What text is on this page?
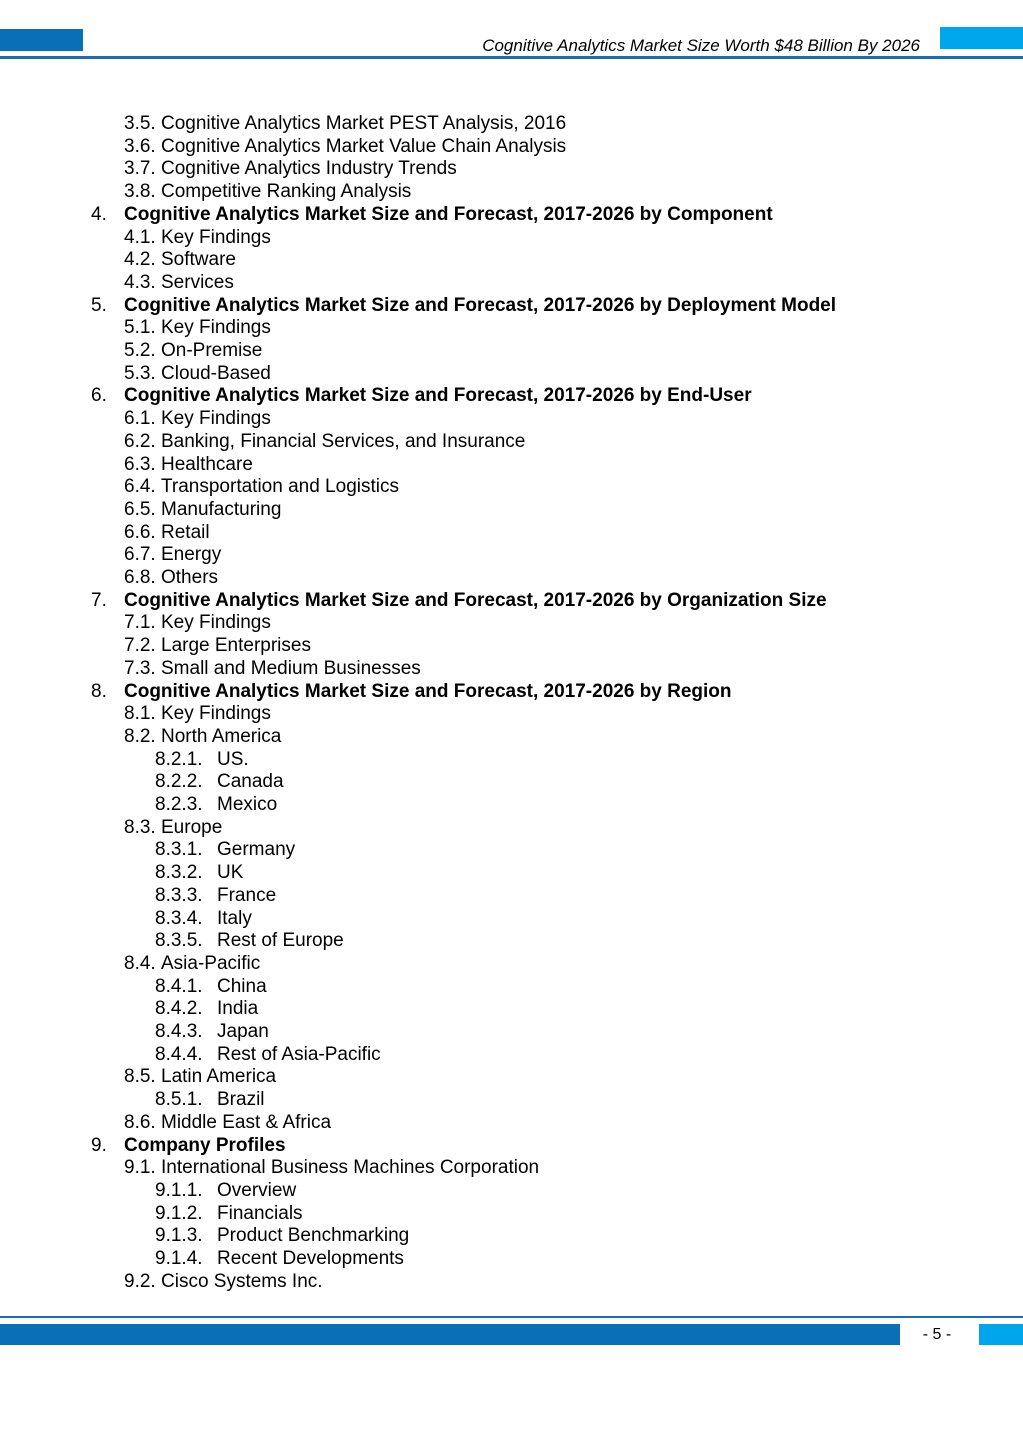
Cognitive Analytics Market Size Worth $48 Billion By 2026
3.5. Cognitive Analytics Market PEST Analysis, 2016
3.6. Cognitive Analytics Market Value Chain Analysis
3.7. Cognitive Analytics Industry Trends
3.8. Competitive Ranking Analysis
4. Cognitive Analytics Market Size and Forecast, 2017-2026 by Component
4.1. Key Findings
4.2. Software
4.3. Services
5. Cognitive Analytics Market Size and Forecast, 2017-2026 by Deployment Model
5.1. Key Findings
5.2. On-Premise
5.3. Cloud-Based
6. Cognitive Analytics Market Size and Forecast, 2017-2026 by End-User
6.1. Key Findings
6.2. Banking, Financial Services, and Insurance
6.3. Healthcare
6.4. Transportation and Logistics
6.5. Manufacturing
6.6. Retail
6.7. Energy
6.8. Others
7. Cognitive Analytics Market Size and Forecast, 2017-2026 by Organization Size
7.1. Key Findings
7.2. Large Enterprises
7.3. Small and Medium Businesses
8. Cognitive Analytics Market Size and Forecast, 2017-2026 by Region
8.1. Key Findings
8.2. North America
8.2.1. US.
8.2.2. Canada
8.2.3. Mexico
8.3. Europe
8.3.1. Germany
8.3.2. UK
8.3.3. France
8.3.4. Italy
8.3.5. Rest of Europe
8.4. Asia-Pacific
8.4.1. China
8.4.2. India
8.4.3. Japan
8.4.4. Rest of Asia-Pacific
8.5. Latin America
8.5.1. Brazil
8.6. Middle East & Africa
9. Company Profiles
9.1. International Business Machines Corporation
9.1.1. Overview
9.1.2. Financials
9.1.3. Product Benchmarking
9.1.4. Recent Developments
9.2. Cisco Systems Inc.
- 5 -
